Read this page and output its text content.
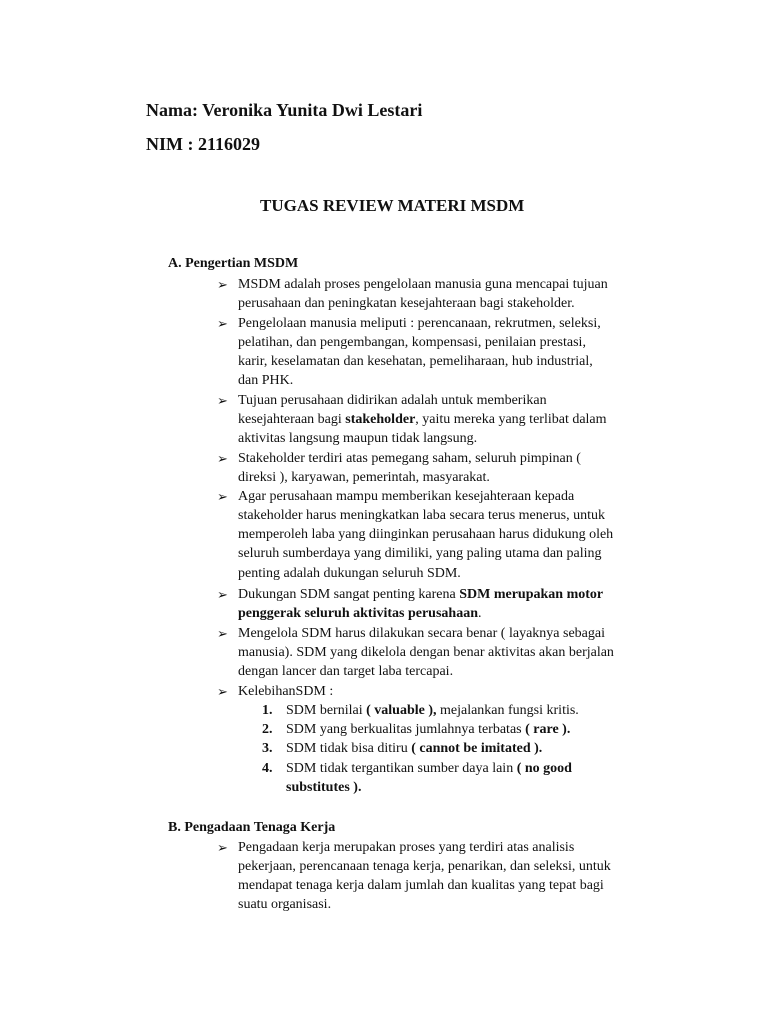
Nama: Veronika Yunita Dwi Lestari
NIM : 2116029
TUGAS REVIEW MATERI MSDM
A. Pengertian MSDM
➢ MSDM adalah proses pengelolaan manusia guna mencapai tujuan
perusahaan dan peningkatan kesejahteraan bagi stakeholder.
➢ Pengelolaan manusia meliputi : perencanaan, rekrutmen, seleksi,
pelatihan, dan pengembangan, kompensasi, penilaian prestasi,
karir, keselamatan dan kesehatan, pemeliharaan, hub industrial,
dan PHK.
➢ Tujuan perusahaan didirikan adalah untuk memberikan
kesejahteraan bagi stakeholder, yaitu mereka yang terlibat dalam
aktivitas langsung maupun tidak langsung.
➢ Stakeholder terdiri atas pemegang saham, seluruh pimpinan (
direksi ), karyawan, pemerintah, masyarakat.
➢ Agar perusahaan mampu memberikan kesejahteraan kepada
stakeholder harus meningkatkan laba secara terus menerus, untuk
memperoleh laba yang diinginkan perusahaan harus didukung oleh
seluruh sumberdaya yang dimiliki, yang paling utama dan paling
penting adalah dukungan seluruh SDM.
➢ Dukungan SDM sangat penting karena SDM merupakan motor
penggerak seluruh aktivitas perusahaan.
➢ Mengelola SDM harus dilakukan secara benar ( layaknya sebagai
manusia). SDM yang dikelola dengan benar aktivitas akan berjalan
dengan lancer dan target laba tercapai.
➢ KelebihanSDM :
1. SDM bernilai ( valuable ), mejalankan fungsi kritis.
2. SDM yang berkualitas jumlahnya terbatas ( rare ).
3. SDM tidak bisa ditiru ( cannot be imitated ).
4. SDM tidak tergantikan sumber daya lain ( no good
substitutes ).
B. Pengadaan Tenaga Kerja
➢ Pengadaan kerja merupakan proses yang terdiri atas analisis
pekerjaan, perencanaan tenaga kerja, penarikan, dan seleksi, untuk
mendapat tenaga kerja dalam jumlah dan kualitas yang tepat bagi
suatu organisasi.
